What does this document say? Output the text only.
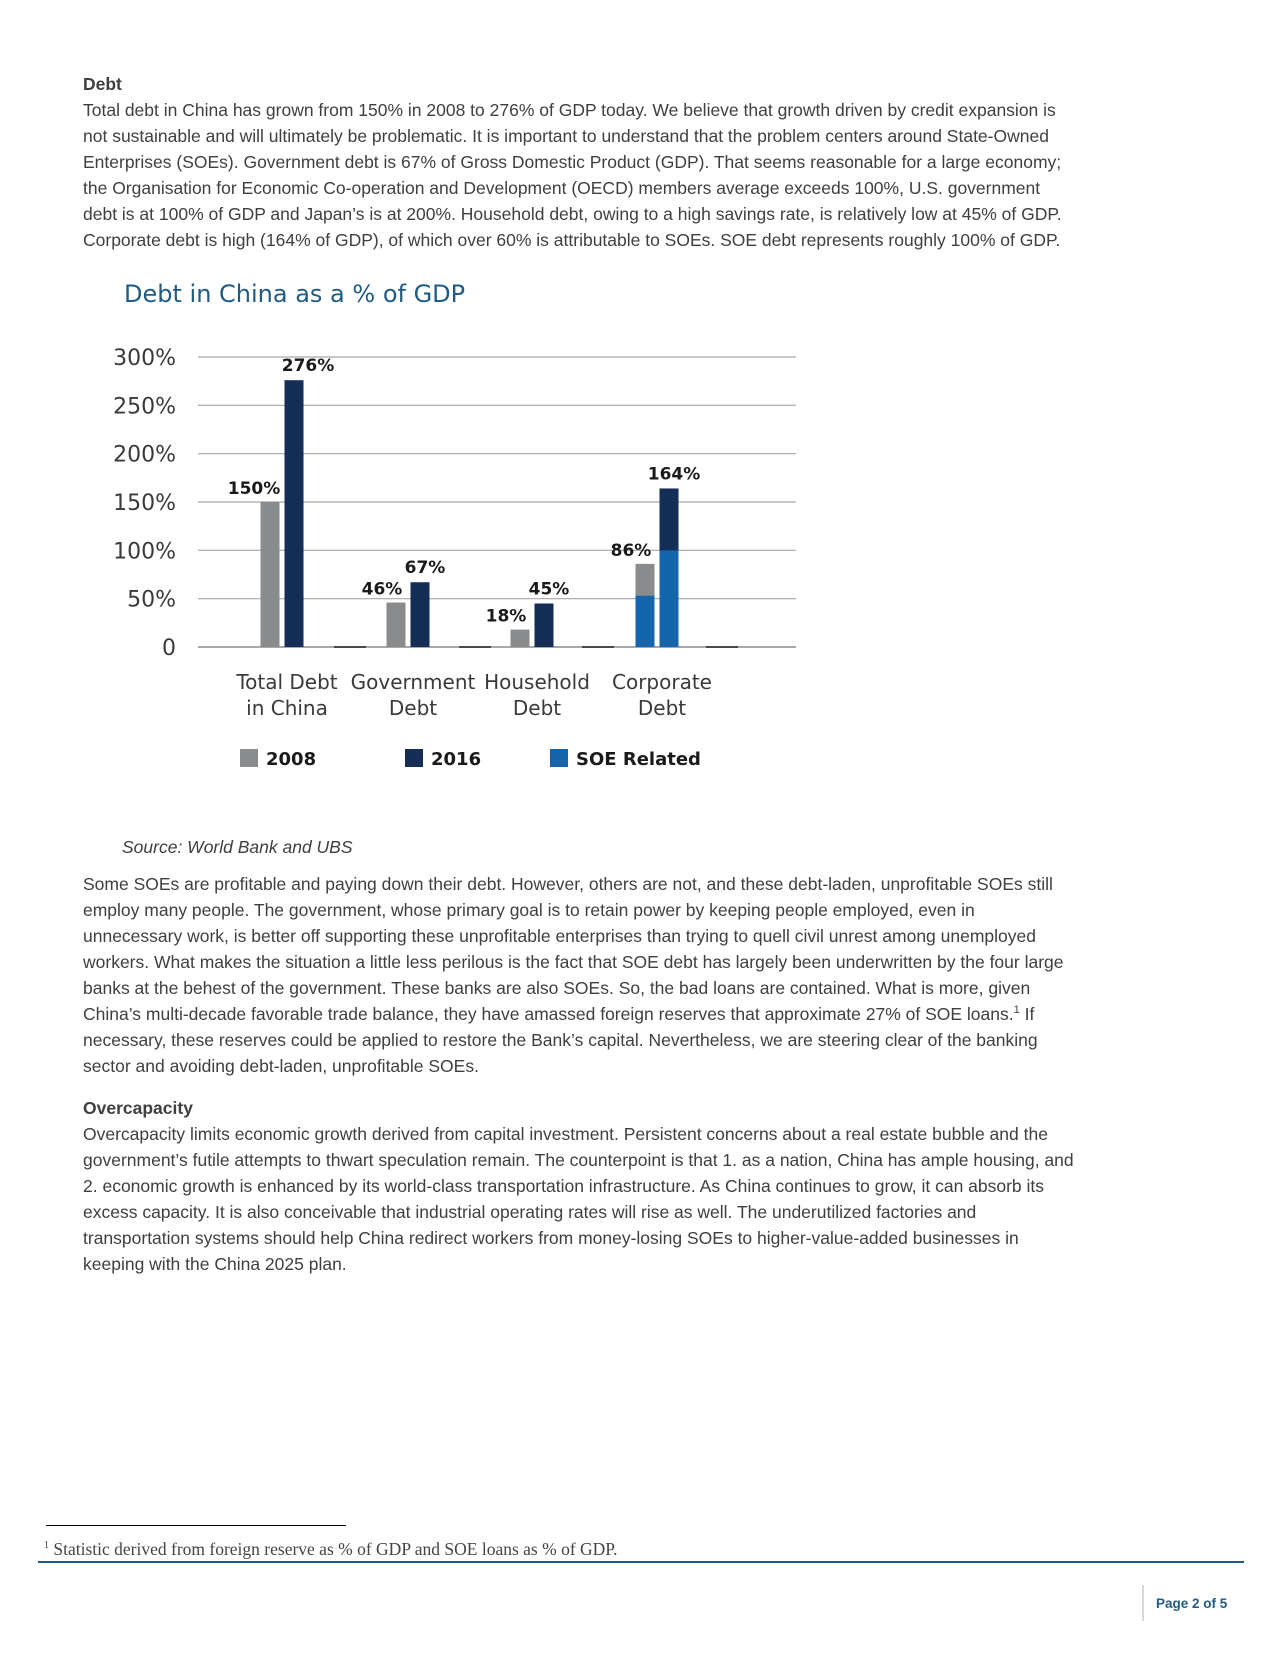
Debt

Total debt in China has grown from 150% in 2008 to 276% of GDP today. We believe that growth driven by credit expansion is
not sustainable and will ultimately be problematic. It is important to understand that the problem centers around State-Owned
Enterprises (SOEs). Government debt is 67% of Gross Domestic Product (GDP). That seems reasonable for a large economy;
the Organisation for Economic Co-operation and Development (OECD) members average exceeds 100%, U.S. government
debt is at 100% of GDP and Japan’s is at 200%. Household debt, owing to a high savings rate, is relatively low at 45% of GDP.
Corporate debt is high (164% of GDP), of which over 60% is attributable to SOEs. SOE debt represents roughly 100% of GDP.

Debt in China as a % of GDP
0
50%
100%
150%
200%
250%
300%
150%
276%
Total Debt
in China
46%
67%
Government
Debt
18%
45%
Household
Debt
86%
164%
Corporate
Debt
2008	2016	SOE Related

Source: World Bank and UBS

Some SOEs are profitable and paying down their debt. However, others are not, and these debt-laden, unprofitable SOEs still
employ many people. The government, whose primary goal is to retain power by keeping people employed, even in
unnecessary work, is better off supporting these unprofitable enterprises than trying to quell civil unrest among unemployed
workers. What makes the situation a little less perilous is the fact that SOE debt has largely been underwritten by the four large
banks at the behest of the government. These banks are also SOEs. So, the bad loans are contained. What is more, given
China’s multi-decade favorable trade balance, they have amassed foreign reserves that approximate 27% of SOE loans.$^1$ If
necessary, these reserves could be applied to restore the Bank’s capital. Nevertheless, we are steering clear of the banking
sector and avoiding debt-laden, unprofitable SOEs.

Overcapacity

Overcapacity limits economic growth derived from capital investment. Persistent concerns about a real estate bubble and the
government’s futile attempts to thwart speculation remain. The counterpoint is that 1. as a nation, China has ample housing, and
2. economic growth is enhanced by its world-class transportation infrastructure. As China continues to grow, it can absorb its
excess capacity. It is also conceivable that industrial operating rates will rise as well. The underutilized factories and
transportation systems should help China redirect workers from money-losing SOEs to higher-value-added businesses in
keeping with the China 2025 plan.

$^1$ Statistic derived from foreign reserve as % of GDP and SOE loans as % of GDP.

Page 2 of 5
